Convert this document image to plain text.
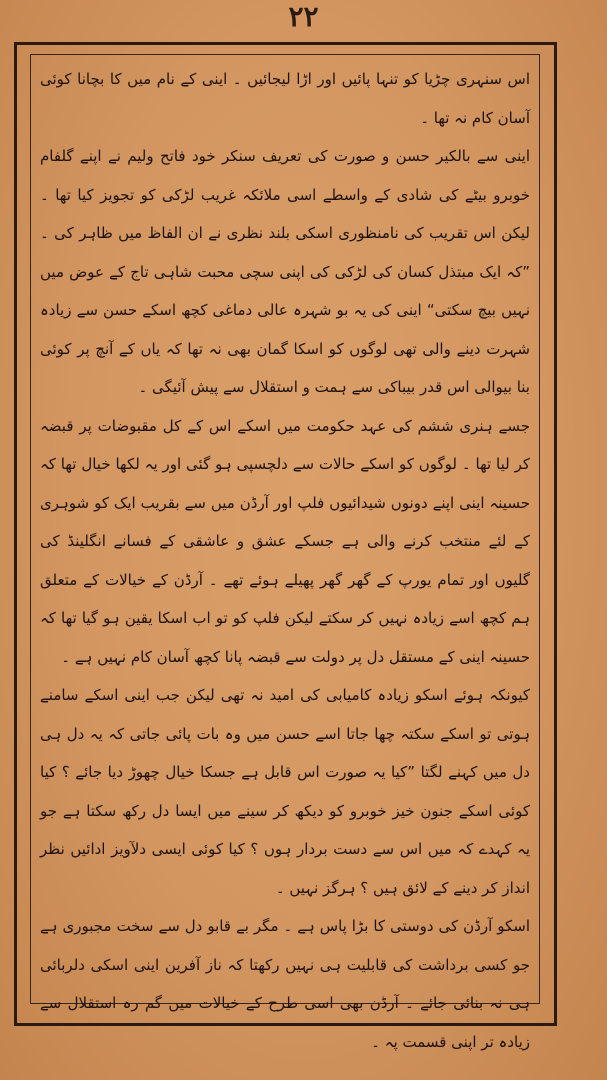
۲۲

اس سنہری چڑیا کو تنہا پائیں اور اڑا لیجائیں ۔ اینی کے نام میں کا بچانا کوئی آسان کام نہ تھا ۔

اینی سے بالکیر حسن و صورت کی تعریف سنکر خود فاتح ولیم نے اپنے گلفام خوبرو بیٹے کی شادی کے واسطے اسی ملائکہ غریب لڑکی کو تجویز کیا تھا ۔ لیکن اس تقریب کی نامنظوری اسکی بلند نظری نے ان الفاظ میں ظاہر کی ۔ ”کہ ایک مبتذل کسان کی لڑکی کی اپنی سچی محبت شاہی تاج کے عوض میں نہیں بیچ سکتی“ اینی کی یہ بو شہرہ عالی دماغی کچھ اسکے حسن سے زیادہ شہرت دینے والی تھی لوگوں کو اسکا گمان بھی نہ تھا کہ یاں کے آنچ پر کوئی بنا بیوالی اس قدر بیباکی سے ہمت و استقلال سے پیش آئیگی ۔

جسے ہنری ششم کی عہد حکومت میں اسکے اس کے کل مقبوضات پر قبضہ کر لیا تھا ۔ لوگوں کو اسکے حالات سے دلچسپی ہو گئی اور یہ لکھا خیال تھا کہ حسینہ اینی اپنے دونوں شیدائیوں فلپ اور آرڈن میں سے بقریب ایک کو شوہری کے لئے منتخب کرنے والی ہے جسکے عشق و عاشقی کے فسانے انگلینڈ کی گلیوں اور تمام یورپ کے گھر گھر پھیلے ہوئے تھے ۔ آرڈن کے خیالات کے متعلق ہم کچھ اسے زیادہ نہیں کر سکتے لیکن فلپ کو تو اب اسکا یقین ہو گیا تھا کہ حسینہ اینی کے مستقل دل پر دولت سے قبضہ پانا کچھ آسان کام نہیں ہے ۔

کیونکہ ہوئے اسکو زیادہ کامیابی کی امید نہ تھی لیکن جب اینی اسکے سامنے ہوتی تو اسکے سکتہ چھا جاتا اسے حسن میں وہ بات پائی جاتی کہ یہ دل ہی دل میں کہنے لگتا ”کیا یہ صورت اس قابل ہے جسکا خیال چھوڑ دیا جائے ؟ کیا کوئی اسکے جنون خیز خوبرو کو دیکھ کر سینے میں ایسا دل رکھ سکتا ہے جو یہ کہدے کہ میں اس سے دست بردار ہوں ؟ کیا کوئی ایسی دلآویز ادائیں نظر انداز کر دینے کے لائق ہیں ؟ ہرگز نہیں ۔

اسکو آرڈن کی دوستی کا بڑا پاس ہے ۔ مگر بے قابو دل سے سخت مجبوری ہے جو کسی برداشت کی قابلیت ہی نہیں رکھتا کہ ناز آفرین اینی اسکی دلربائی ہی نہ بنائی جائے ۔ آرڈن بھی اسی طرح کے خیالات میں گم رہ استقلال سے زیادہ تر اپنی قسمت پہ ۔
